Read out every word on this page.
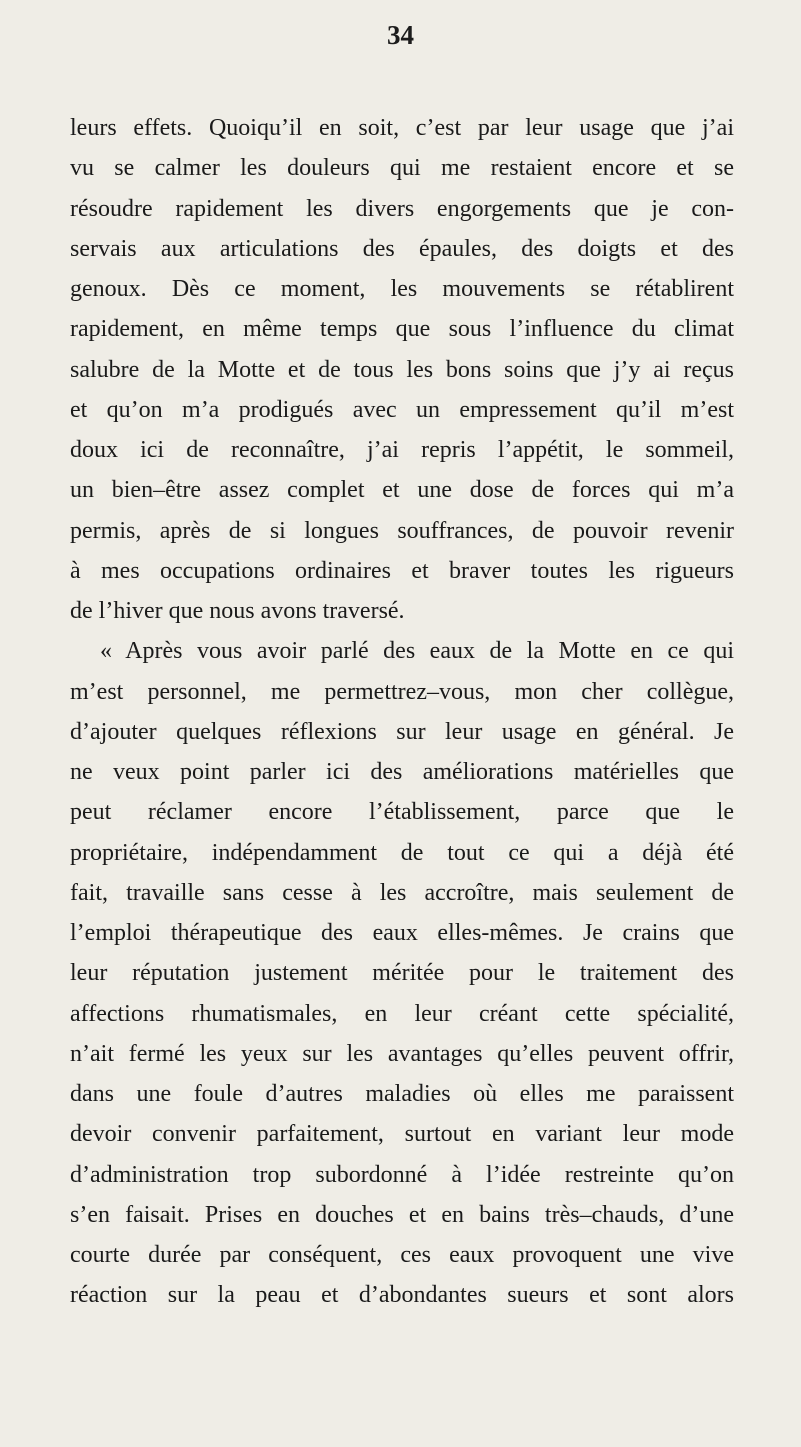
34
leurs effets. Quoiqu’il en soit, c’est par leur usage que j’ai
vu se calmer les douleurs qui me restaient encore et se
résoudre rapidement les divers engorgements que je con-
servais aux articulations des épaules, des doigts et des
genoux. Dès ce moment, les mouvements se rétablirent
rapidement, en même temps que sous l’influence du climat
salubre de la Motte et de tous les bons soins que j’y ai reçus
et qu’on m’a prodigués avec un empressement qu’il m’est
doux ici de reconnaître, j’ai repris l’appétit, le sommeil,
un bien–être assez complet et une dose de forces qui m’a
permis, après de si longues souffrances, de pouvoir revenir
à mes occupations ordinaires et braver toutes les rigueurs
de l’hiver que nous avons traversé.
« Après vous avoir parlé des eaux de la Motte en ce qui
m’est personnel, me permettrez–vous, mon cher collègue,
d’ajouter quelques réflexions sur leur usage en général. Je
ne veux point parler ici des améliorations matérielles que
peut réclamer encore l’établissement, parce que le
propriétaire, indépendamment de tout ce qui a déjà été
fait, travaille sans cesse à les accroître, mais seulement de
l’emploi thérapeutique des eaux elles-mêmes. Je crains que
leur réputation justement méritée pour le traitement des
affections rhumatismales, en leur créant cette spécialité,
n’ait fermé les yeux sur les avantages qu’elles peuvent offrir,
dans une foule d’autres maladies où elles me paraissent
devoir convenir parfaitement, surtout en variant leur mode
d’administration trop subordonné à l’idée restreinte qu’on
s’en faisait. Prises en douches et en bains très–chauds, d’une
courte durée par conséquent, ces eaux provoquent une vive
réaction sur la peau et d’abondantes sueurs et sont alors
